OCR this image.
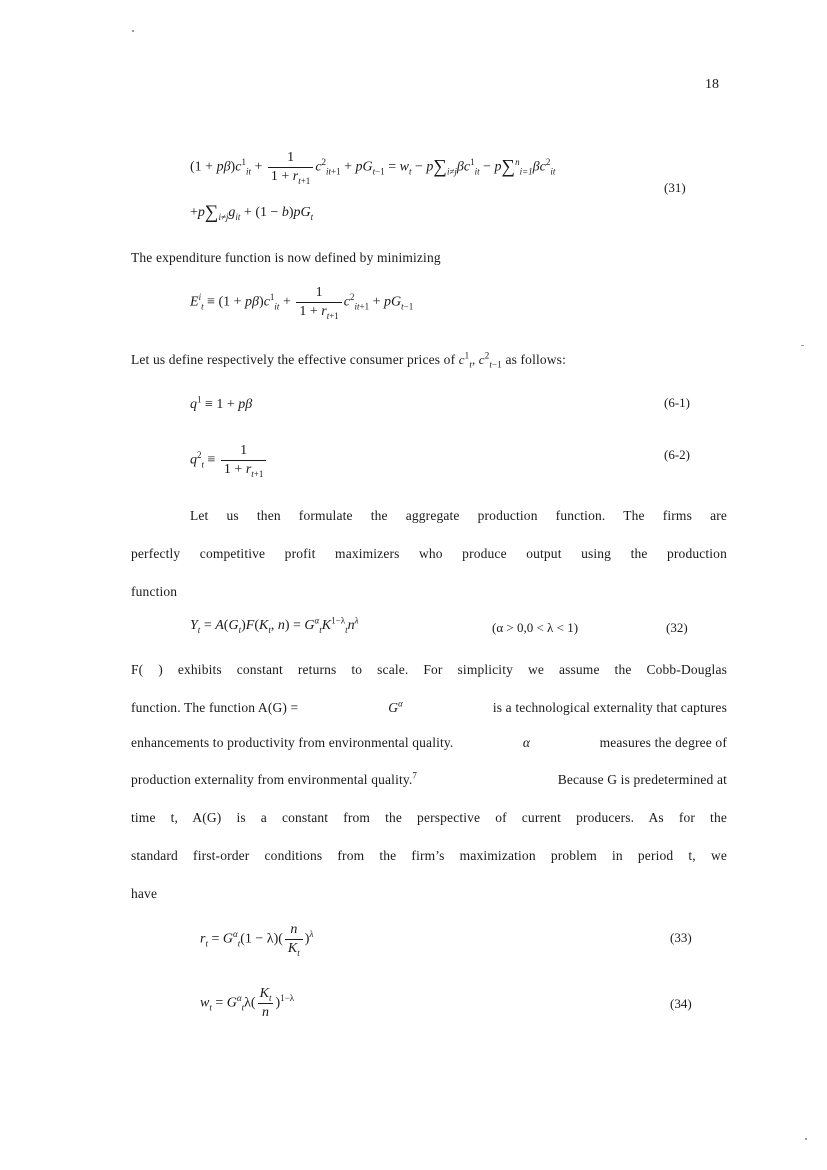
18
$(1 + p\beta)c^1_{it} + \frac{1}{1 + r_{t+1}} c^2_{it+1} + pG_{t-1} = w_t - p\sum_{i\ne j}\beta c^1_{it} - p\sum^n_{i=1}\beta c^2_{it}$
$+p\sum_{i\ne j}g_{it} + (1 - b)pG_t$
(31)
The expenditure function is now defined by minimizing
$E^i_t \equiv (1 + p\beta)c^1_{it} + \frac{1}{1 + r_{t+1}} c^2_{it+1} + pG_{t-1}$
Let us define respectively the effective consumer prices of $c^1_t$, $c^2_{t-1}$ as follows:
$q^1 \equiv 1 + p\beta$	(6-1)
$q^2_t \equiv \frac{1}{1 + r_{t+1}}$	(6-2)
Let us then formulate the aggregate production function. The firms are
perfectly competitive profit maximizers who produce output using the production
function
$Y_t = A(G_t)F(K_t$, $n) = G^\alpha_tK^{1-\lambda}_tn^\lambda$	(α > 0,0 < λ < 1)	(32)
F( ) exhibits constant returns to scale. For simplicity we assume the Cobb-Douglas
function. The function A(G) =	$G^\alpha$	is a technological externality that captures
enhancements to productivity from environmental quality.	α	measures the degree of
production externality from environmental quality.$^7$	Because G is predetermined at
time t, A(G) is a constant from the perspective of current producers. As for the
standard first-order conditions from the firm’s maximization problem in period t, we
have
$r_t = G^\alpha_t(1 - \lambda)( \frac{n}{K_t} )^\lambda$	(33)
$w_t = G^\alpha_t\lambda( \frac{K_t}{n} )^{1-\lambda}$	(34)
